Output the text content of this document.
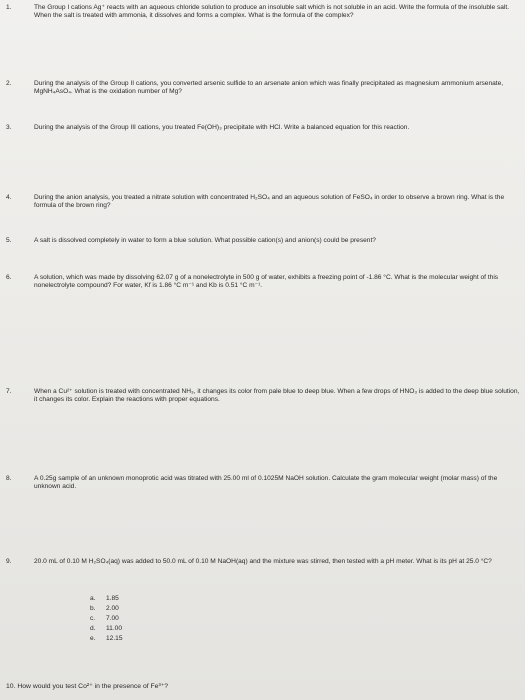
1.	The Group I cations Ag⁺ reacts with an aqueous chloride solution to produce an insoluble salt which is not soluble in an acid. Write the formula of the insoluble salt. When the salt is treated with ammonia, it dissolves and forms a complex. What is the formula of the complex?
2.	During the analysis of the Group II cations, you converted arsenic sulfide to an arsenate anion which was finally precipitated as magnesium ammonium arsenate, MgNH₄AsO₄. What is the oxidation number of Mg?
3.	During the analysis of the Group III cations, you treated Fe(OH)₃ precipitate with HCl. Write a balanced equation for this reaction.
4.	During the anion analysis, you treated a nitrate solution with concentrated H₂SO₄ and an aqueous solution of FeSO₄ in order to observe a brown ring. What is the formula of the brown ring?
5.	A salt is dissolved completely in water to form a blue solution. What possible cation(s) and anion(s) could be present?
6.	A solution, which was made by dissolving 62.07 g of a nonelectrolyte in 500 g of water, exhibits a freezing point of -1.86 °C. What is the molecular weight of this nonelectrolyte compound? For water, Kf is 1.86 °C m⁻¹ and Kb is 0.51 °C m⁻¹.
7.	When a Cu²⁺ solution is treated with concentrated NH₃, it changes its color from pale blue to deep blue. When a few drops of HNO₃ is added to the deep blue solution, it changes its color. Explain the reactions with proper equations.
8.	A 0.25g sample of an unknown monoprotic acid was titrated with 25.00 ml of 0.1025M NaOH solution. Calculate the gram molecular weight (molar mass) of the unknown acid.
9.	20.0 mL of 0.10 M H₂SO₄(aq) was added to 50.0 mL of 0.10 M NaOH(aq) and the mixture was stirred, then tested with a pH meter. What is its pH at 25.0 °C?
a.	1.85
b.	2.00
c.	7.00
d.	11.00
e.	12.15
10. How would you test Co²⁺ in the presence of Fe³⁺?
